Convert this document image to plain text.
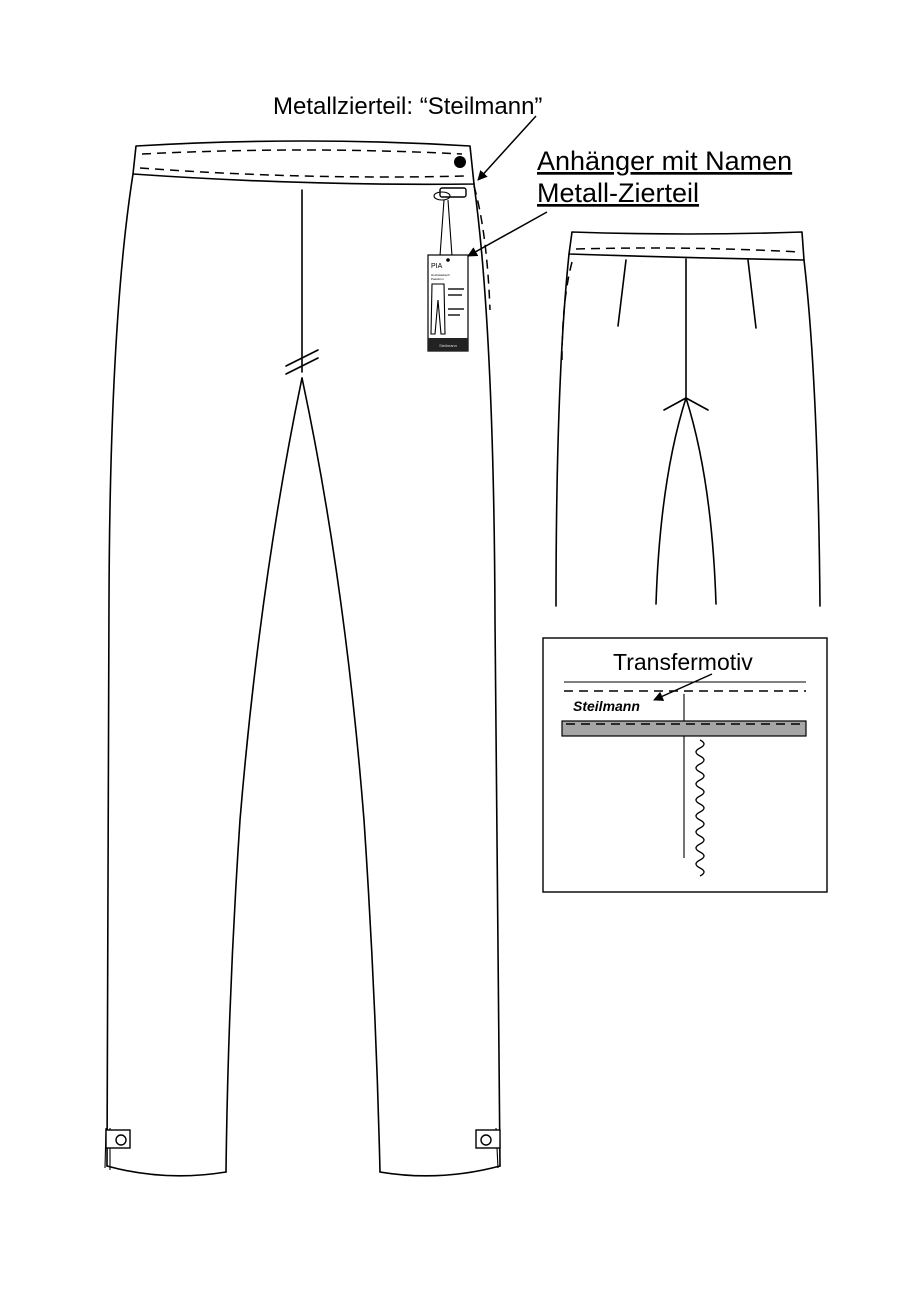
PIA
Hochelastisch
Passform
Steilmann
Steilmann
Metallzierteil: “Steilmann”
Anhänger mit Namen
Metall-Zierteil
Transfermotiv
